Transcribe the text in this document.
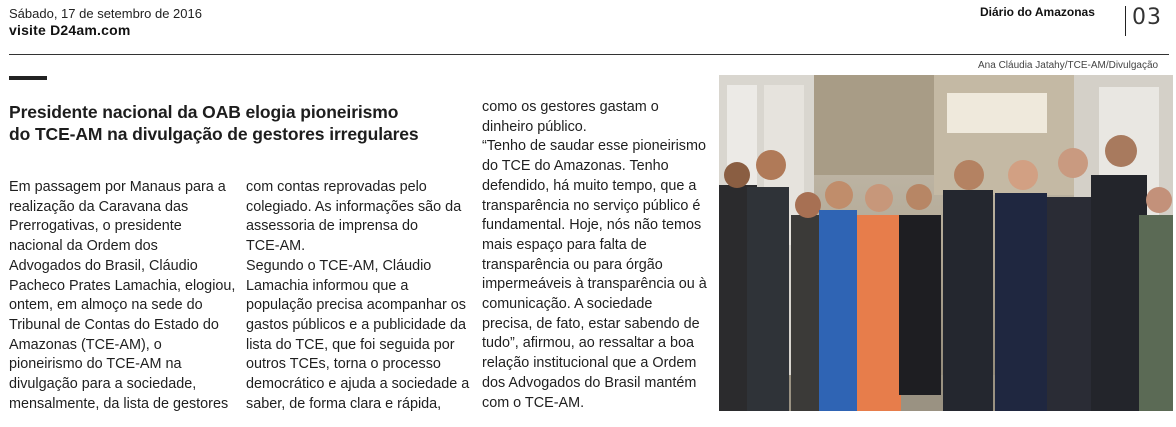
Sábado, 17 de setembro de 2016
visite D24am.com
Diário do Amazonas 03
Ana Cláudia Jatahy/TCE-AM/Divulgação
Presidente nacional da OAB elogia pioneirismo
do TCE-AM na divulgação de gestores irregulares
Em passagem por Manaus para a
realização da Caravana das
Prerrogativas, o presidente
nacional da Ordem dos
Advogados do Brasil, Cláudio
Pacheco Prates Lamachia, elogiou,
ontem, em almoço na sede do
Tribunal de Contas do Estado do
Amazonas (TCE-AM), o
pioneirismo do TCE-AM na
divulgação para a sociedade,
mensalmente, da lista de gestores
com contas reprovadas pelo
colegiado. As informações são da
assessoria de imprensa do
TCE-AM.
Segundo o TCE-AM, Cláudio
Lamachia informou que a
população precisa acompanhar os
gastos públicos e a publicidade da
lista do TCE, que foi seguida por
outros TCEs, torna o processo
democrático e ajuda a sociedade a
saber, de forma clara e rápida,
como os gestores gastam o
dinheiro público.
“Tenho de saudar esse pioneirismo
do TCE do Amazonas. Tenho
defendido, há muito tempo, que a
transparência no serviço público é
fundamental. Hoje, nós não temos
mais espaço para falta de
transparência ou para órgão
impermeáveis à transparência ou à
comunicação. A sociedade
precisa, de fato, estar sabendo de
tudo”, afirmou, ao ressaltar a boa
relação institucional que a Ordem
dos Advogados do Brasil mantém
com o TCE-AM.
